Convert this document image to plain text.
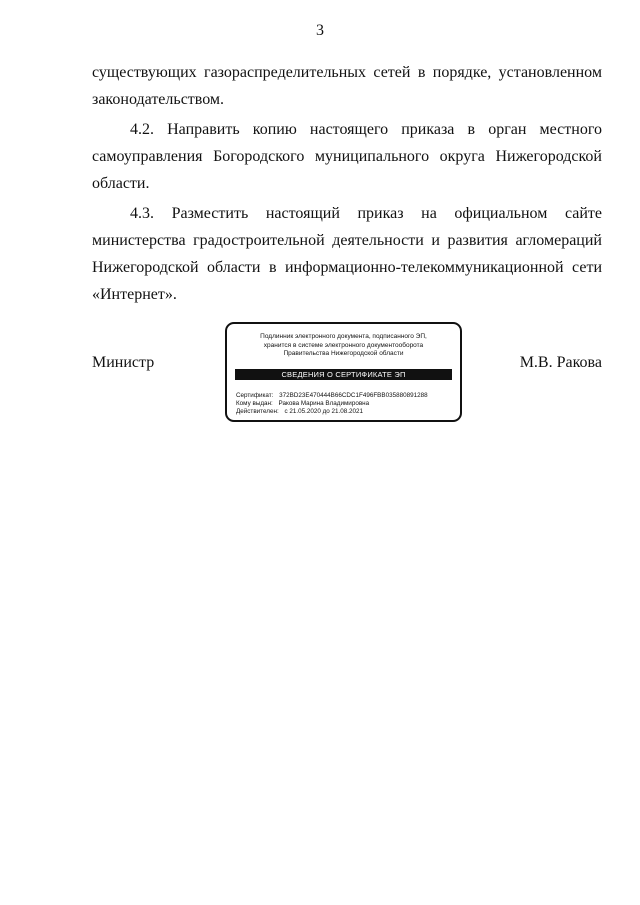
3

существующих газораспределительных сетей в порядке, установленном законодательством.

4.2. Направить копию настоящего приказа в орган местного самоуправления Богородского муниципального округа Нижегородской области.

4.3. Разместить настоящий приказ на официальном сайте министерства градостроительной деятельности и развития агломераций Нижегородской области в информационно-телекоммуникационной сети «Интернет».

Министр
Подлинник электронного документа, подписанного ЭП,
хранится в системе электронного документооборота
Правительства Нижегородской области
СВЕДЕНИЯ О СЕРТИФИКАТЕ ЭП
Сертификат: 372BD23E470444B66CDC1F496FBB035880891288
Кому выдан: Ракова Марина Владимировна
Действителен: с 21.05.2020 до 21.08.2021
М.В. Ракова
